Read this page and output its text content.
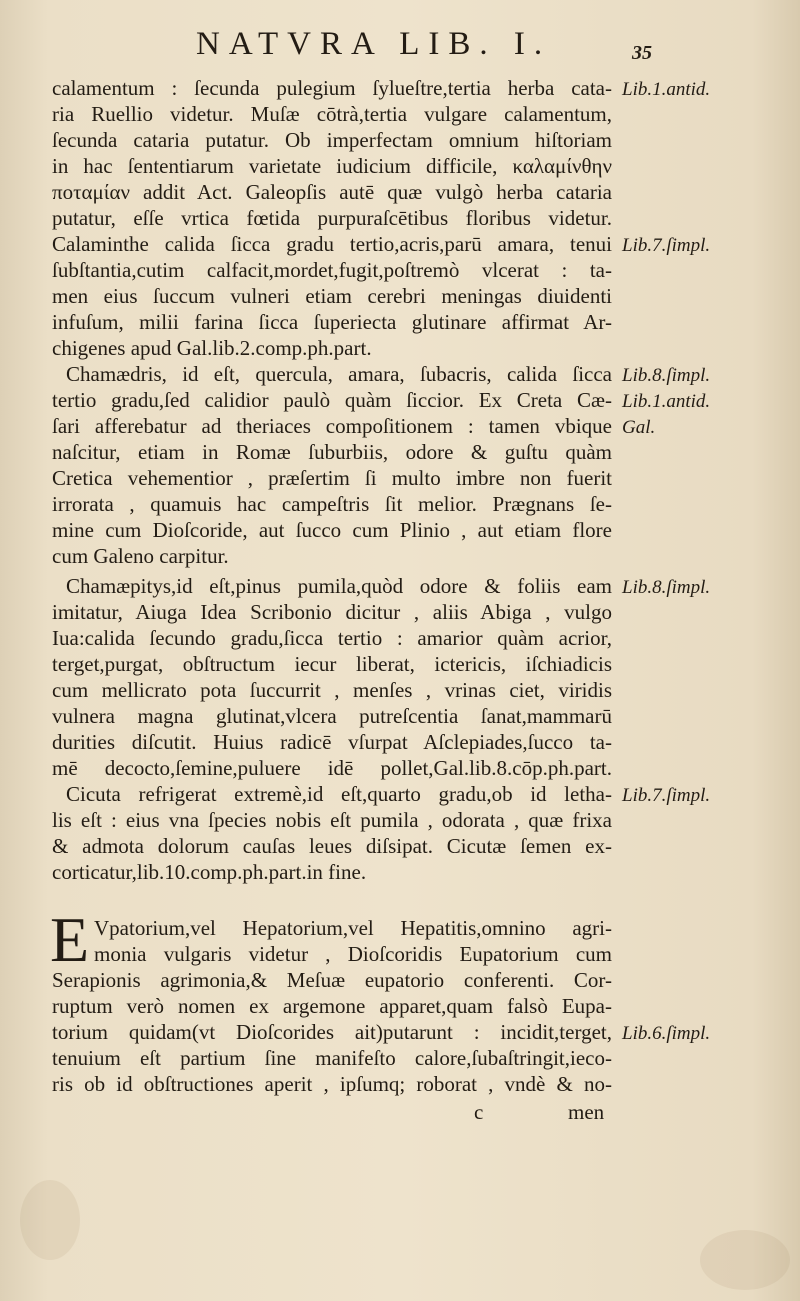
NATVRA LIB. I.	35
calamentum : ſecunda pulegium ſylueſtre,tertia herba cata-
ria Ruellio videtur. Muſæ cōtrà,tertia vulgare calamentum,
ſecunda cataria putatur. Ob imperfectam omnium hiſtoriam
in hac ſententiarum varietate iudicium difficile, καλαμίνθην
ποταμίαν addit Act. Galeopſis autē quæ vulgò herba cataria
putatur, eſſe vrtica fœtida purpuraſcētibus floribus videtur.
Calaminthe calida ſicca gradu tertio,acris,parū amara, tenui
ſubſtantia,cutim calfacit,mordet,fugit,poſtremò vlcerat : ta-
men eius ſuccum vulneri etiam cerebri meningas diuidenti
infuſum, milii farina ſicca ſuperiecta glutinare affirmat Ar-
chigenes apud Gal.lib.2.comp.ph.part.
Chamædris, id eſt, quercula, amara, ſubacris, calida ſicca
tertio gradu,ſed calidior paulò quàm ſiccior. Ex Creta Cæ-
ſari afferebatur ad theriaces compoſitionem : tamen vbique
naſcitur, etiam in Romæ ſuburbiis, odore & guſtu quàm
Cretica vehementior , præſertim ſi multo imbre non fuerit
irrorata , quamuis hac campeſtris ſit melior. Prægnans ſe-
mine cum Dioſcoride, aut ſucco cum Plinio , aut etiam flore
cum Galeno carpitur.
Chamæpitys,id eſt,pinus pumila,quòd odore & foliis eam
imitatur, Aiuga Idea Scribonio dicitur , aliis Abiga , vulgo
Iua:calida ſecundo gradu,ſicca tertio : amarior quàm acrior,
terget,purgat, obſtructum iecur liberat, ictericis, iſchiadicis
cum mellicrato pota ſuccurrit , menſes , vrinas ciet, viridis
vulnera magna glutinat,vlcera putreſcentia ſanat,mammarū
durities diſcutit. Huius radicē vſurpat Aſclepiades,ſucco ta-
mē decocto,ſemine,puluere idē pollet,Gal.lib.8.cōp.ph.part.
Cicuta refrigerat extremè,id eſt,quarto gradu,ob id letha-
lis eſt : eius vna ſpecies nobis eſt pumila , odorata , quæ frixa
& admota dolorum cauſas leues diſsipat. Cicutæ ſemen ex-
corticatur,lib.10.comp.ph.part.in fine.
E Vpatorium,vel Hepatorium,vel Hepatitis,omnino agri-
monia vulgaris videtur , Dioſcoridis Eupatorium cum
Serapionis agrimonia,& Meſuæ eupatorio conferenti. Cor-
ruptum verò nomen ex argemone apparet,quam falsò Eupa-
torium quidam(vt Dioſcorides ait)putarunt : incidit,terget,
tenuium eſt partium ſine manifeſto calore,ſubaſtringit,ieco-
ris ob id obſtructiones aperit , ipſumq; roborat , vndè & no-
c	men
Lib.1.antid.
Lib.7.ſimpl.
Lib.8.ſimpl.
Lib.1.antid.
Gal.
Lib.8.ſimpl.
Lib.7.ſimpl.
Lib.6.ſimpl.
